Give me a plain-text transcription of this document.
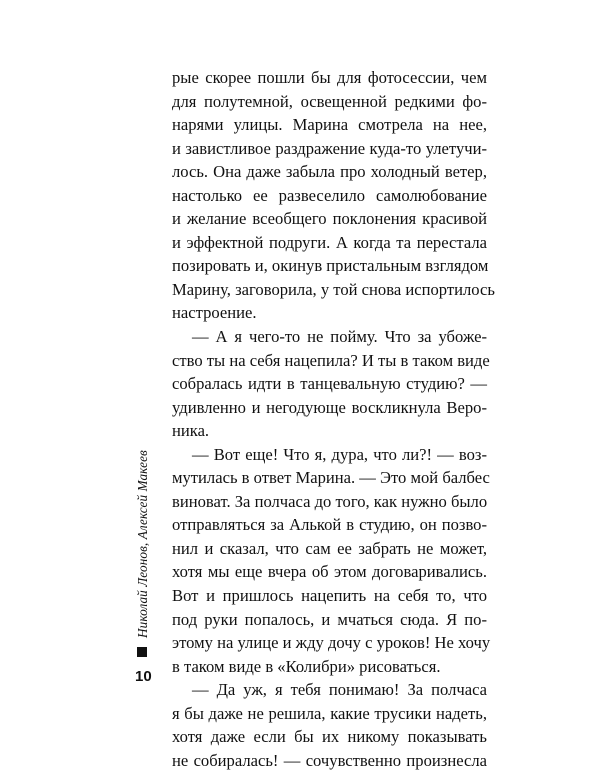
рые скорее пошли бы для фотосессии, чем
для полутемной, освещенной редкими фо-
нарями улицы. Марина смотрела на нее,
и завистливое раздражение куда-то улетучи-
лось. Она даже забыла про холодный ветер,
настолько ее развеселило самолюбование
и желание всеобщего поклонения красивой
и эффектной подруги. А когда та перестала
позировать и, окинув пристальным взглядом
Марину, заговорила, у той снова испортилось
настроение.
— А я чего-то не пойму. Что за убоже-
ство ты на себя нацепила? И ты в таком виде
собралась идти в танцевальную студию? —
удивленно и негодующе воскликнула Веро-
ника.
— Вот еще! Что я, дура, что ли?! — воз-
мутилась в ответ Марина. — Это мой балбес
виноват. За полчаса до того, как нужно было
отправляться за Алькой в студию, он позво-
нил и сказал, что сам ее забрать не может,
хотя мы еще вчера об этом договаривались.
Вот и пришлось нацепить на себя то, что
под руки попалось, и мчаться сюда. Я по-
этому на улице и жду дочу с уроков! Не хочу
в таком виде в «Колибри» рисоваться.
— Да уж, я тебя понимаю! За полчаса
я бы даже не решила, какие трусики надеть,
хотя даже если бы их никому показывать
не собиралась! — сочувственно произнесла
Николай Леонов, Алексей Макеев
10
